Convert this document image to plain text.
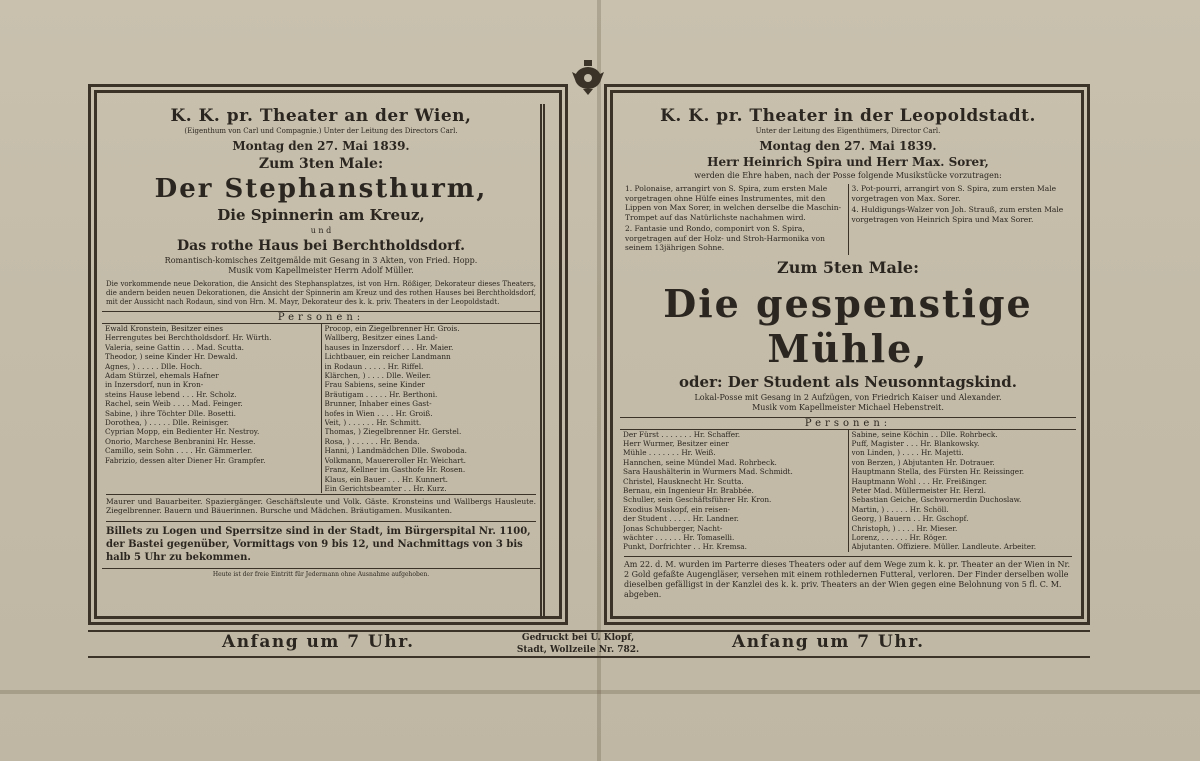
K. K. pr. Theater an der Wien,
(Eigenthum von Carl und Compagnie.) Unter der Leitung des Directors Carl.
Montag den 27. Mai 1839.
Zum 3ten Male:
Der Stephansthurm,
Die Spinnerin am Kreuz,
u n d
Das rothe Haus bei Berchtholdsdorf.
Romantisch-komisches Zeitgemälde mit Gesang in 3 Akten, von Fried. Hopp.
Musik vom Kapellmeister Herrn Adolf Müller.
Die vorkommende neue Dekoration, die Ansicht des Stephansplatzes, ist von Hrn. Rößiger, Dekorateur dieses Theaters, die andern beiden neuen Dekorationen, die Ansicht der Spinnerin am Kreuz und des rothen Hauses bei Berchtholdsdorf, mit der Aussicht nach Rodaun, sind von Hrn. M. Mayr, Dekorateur des k. k. priv. Theaters in der Leopoldstadt.
Personen:

Ewald Kronstein, Besitzer eines

Herrengutes bei Berchtholdsdorf. Hr. Würth.

Valeria, seine Gattin . . . Mad. Scutta.

Theodor, ) seine Kinder Hr. Dewald.

Agnes, ) . . . . . Dlle. Hoch.

Adam Stürzel, ehemals Hafner

in Inzersdorf, nun in Kron-

steins Hause lebend . . . Hr. Scholz.

Rachel, sein Weib . . . . Mad. Feinger.

Sabine, ) ihre Töchter Dlle. Bosetti.

Dorothea, ) . . . . . Dlle. Reinisger.

Cyprian Mopp, ein Bedienter Hr. Nestroy.

Onorio, Marchese Benbranini Hr. Hesse.

Camillo, sein Sohn . . . . Hr. Gämmerler.

Fabrizio, dessen alter Diener Hr. Grampfer.

Procop, ein Ziegelbrenner Hr. Grois.

Wallberg, Besitzer eines Land-

hauses in Inzersdorf . . . Hr. Maier.

Lichtbauer, ein reicher Landmann

in Rodaun . . . . . Hr. Riffel.

Klärchen, ) . . . . Dlle. Weiler.

Frau Sabiens, seine Kinder

Bräutigam . . . . . Hr. Berthoni.

Brunner, Inhaber eines Gast-

hofes in Wien . . . . Hr. Groiß.

Veit, ) . . . . . . Hr. Schmitt.

Thomas, ) Ziegelbrenner Hr. Gerstel.

Rosa, ) . . . . . . Hr. Benda.

Hanni, ) Landmädchen Dlle. Swoboda.

Volkmann, Mauereroller Hr. Weichart.

Franz, Kellner im Gasthofe Hr. Rosen.

Klaus, ein Bauer . . . Hr. Kunnert.

Ein Gerichtsbeamter . . Hr. Kurz.

Maurer und Bauarbeiter. Spaziergänger. Geschäftsleute und Volk. Gäste. Kronsteins und Wallbergs Hausleute. Ziegelbrenner. Bauern und Bäuerinnen. Bursche und Mädchen. Bräutigamen. Musikanten.
Billets zu Logen und Sperrsitze sind in der Stadt, im Bürgerspital Nr. 1100, der Bastei gegenüber, Vormittags von 9 bis 12, und Nachmittags von 3 bis halb 5 Uhr zu bekommen.
Heute ist der freie Eintritt für Jedermann ohne Ausnahme aufgehoben.
K. K. pr. Theater in der Leopoldstadt.
Unter der Leitung des Eigenthümers, Director Carl.
Montag den 27. Mai 1839.
Herr Heinrich Spira und Herr Max. Sorer,
werden die Ehre haben, nach der Posse folgende Musikstücke vorzutragen:

1. Polonaise, arrangirt von S. Spira, zum ersten Male vorgetragen ohne Hülfe eines Instrumentes, mit den Lippen von Max Sorer, in welchen derselbe die Maschin-Trompet auf das Natürlichste nachahmen wird.

2. Fantasie und Rondo, componirt von S. Spira, vorgetragen auf der Holz- und Stroh-Harmonika von seinem 13jährigen Sohne.

3. Pot-pourri, arrangirt von S. Spira, zum ersten Male vorgetragen von Max. Sorer.

4. Huldigungs-Walzer von Joh. Strauß, zum ersten Male vorgetragen von Heinrich Spira und Max Sorer.

Zum 5ten Male:
Die gespenstige Mühle,
oder: Der Student als Neusonntagskind.
Lokal-Posse mit Gesang in 2 Aufzügen, von Friedrich Kaiser und Alexander.
Musik vom Kapellmeister Michael Hebenstreit.
Personen:

Der Fürst . . . . . . . Hr. Schaffer.

Herr Wurmer, Besitzer einer

Mühle . . . . . . . Hr. Weiß.

Hannchen, seine Mündel Mad. Rohrbeck.

Sara Haushälterin in Wurmers Mad. Schmidt.

Christel, Hausknecht Hr. Scutta.

Bernau, ein Ingenieur Hr. Brabbée.

Schuller, sein Geschäftsführer Hr. Kron.

Exodius Muskopf, ein reisen-

der Student . . . . . Hr. Landner.

Jonas Schubberger, Nacht-

wächter . . . . . . Hr. Tomaselli.

Punkt, Dorfrichter . . Hr. Kremsa.

Sabine, seine Köchin . . Dlle. Rohrbeck.

Puff, Magister . . . Hr. Blankowsky.

von Linden, ) . . . . Hr. Majetti.

von Berzen, ) Abjutanten Hr. Dotrauer.

Hauptmann Stella, des Fürsten Hr. Reissinger.

Hauptmann Wohl . . . Hr. Freißinger.

Peter Mad. Müllermeister Hr. Herzl.

Sebastian Geiche, Gschwornerdin Duchoslaw.

Martin, ) . . . . . Hr. Schöll.

Georg, ) Bauern . . Hr. Gschopf.

Christoph, ) . . . . Hr. Mieser.

Lorenz, . . . . . . Hr. Röger.

Abjutanten. Offiziere. Müller. Landleute. Arbeiter.

Am 22. d. M. wurden im Parterre dieses Theaters oder auf dem Wege zum k. k. pr. Theater an der Wien in Nr. 2 Gold gefaßte Augengläser, versehen mit einem rothledernen Futteral, verloren. Der Finder derselben wolle dieselben gefälligst in der Kanzlei des k. k. priv. Theaters an der Wien gegen eine Belohnung von 5 fl. C. M. abgeben.
Anfang um 7 Uhr.	Gedruckt bei U. Klopf,
Stadt, Wollzeile Nr. 782.	Anfang um 7 Uhr.
